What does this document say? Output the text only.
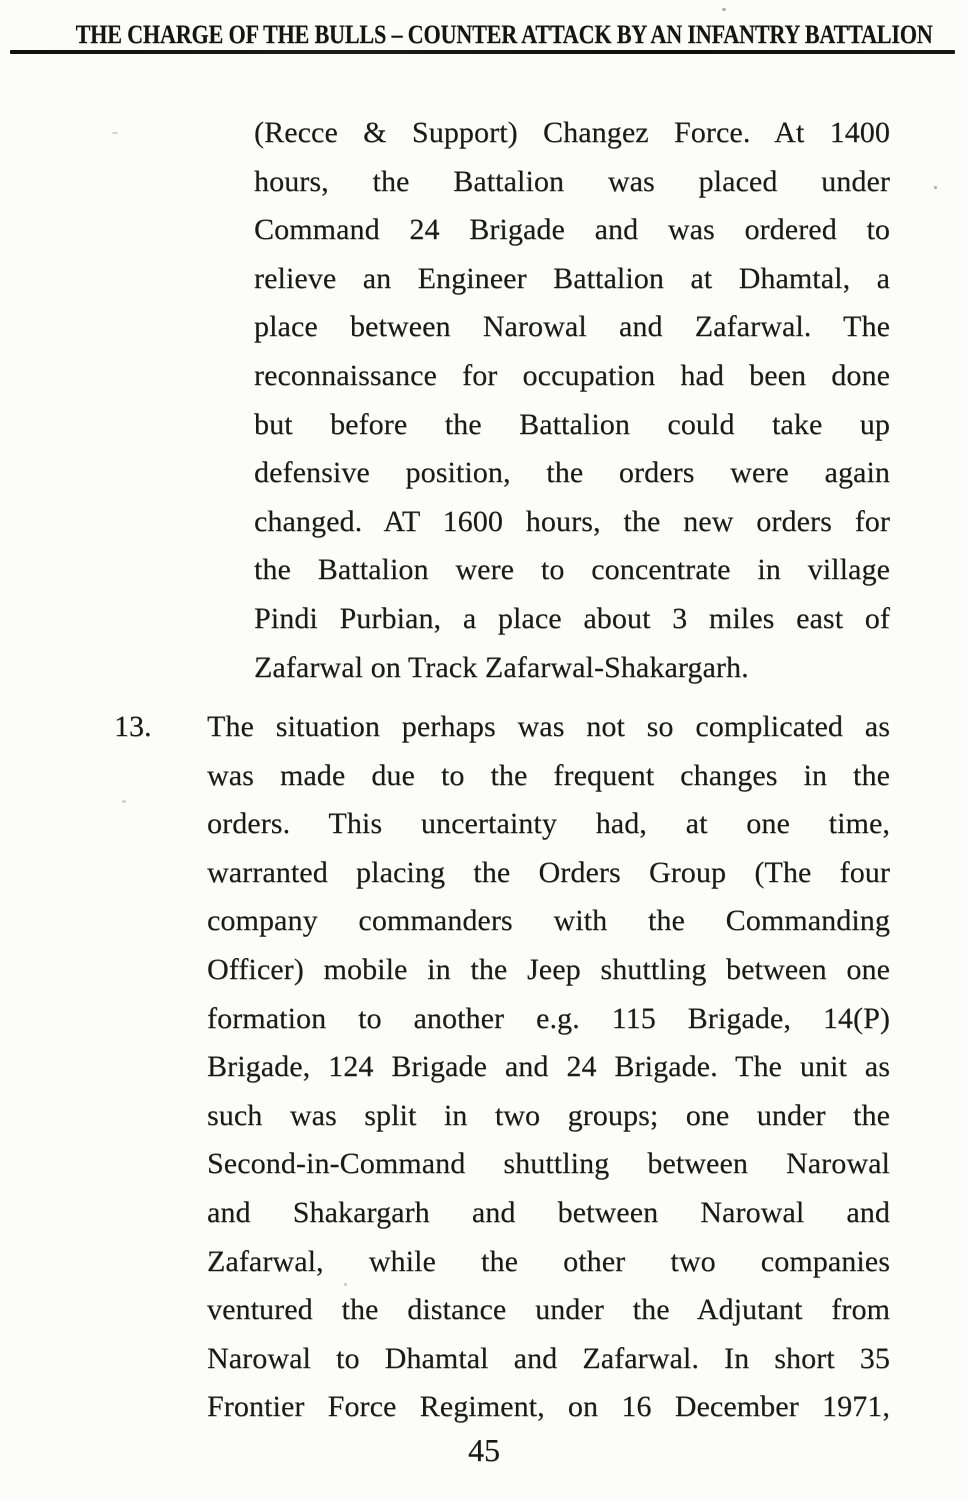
THE CHARGE OF THE BULLS – COUNTER ATTACK BY AN INFANTRY BATTALION
(Recce & Support) Changez Force. At 1400
hours, the Battalion was placed under
Command 24 Brigade and was ordered to
relieve an Engineer Battalion at Dhamtal, a
place between Narowal and Zafarwal. The
reconnaissance for occupation had been done
but before the Battalion could take up
defensive position, the orders were again
changed. AT 1600 hours, the new orders for
the Battalion were to concentrate in village
Pindi Purbian, a place about 3 miles east of
Zafarwal on Track Zafarwal-Shakargarh.
13. The situation perhaps was not so complicated as
was made due to the frequent changes in the
orders. This uncertainty had, at one time,
warranted placing the Orders Group (The four
company commanders with the Commanding
Officer) mobile in the Jeep shuttling between one
formation to another e.g. 115 Brigade, 14(P)
Brigade, 124 Brigade and 24 Brigade. The unit as
such was split in two groups; one under the
Second-in-Command shuttling between Narowal
and Shakargarh and between Narowal and
Zafarwal, while the other two companies
ventured the distance under the Adjutant from
Narowal to Dhamtal and Zafarwal. In short 35
Frontier Force Regiment, on 16 December 1971,
45
